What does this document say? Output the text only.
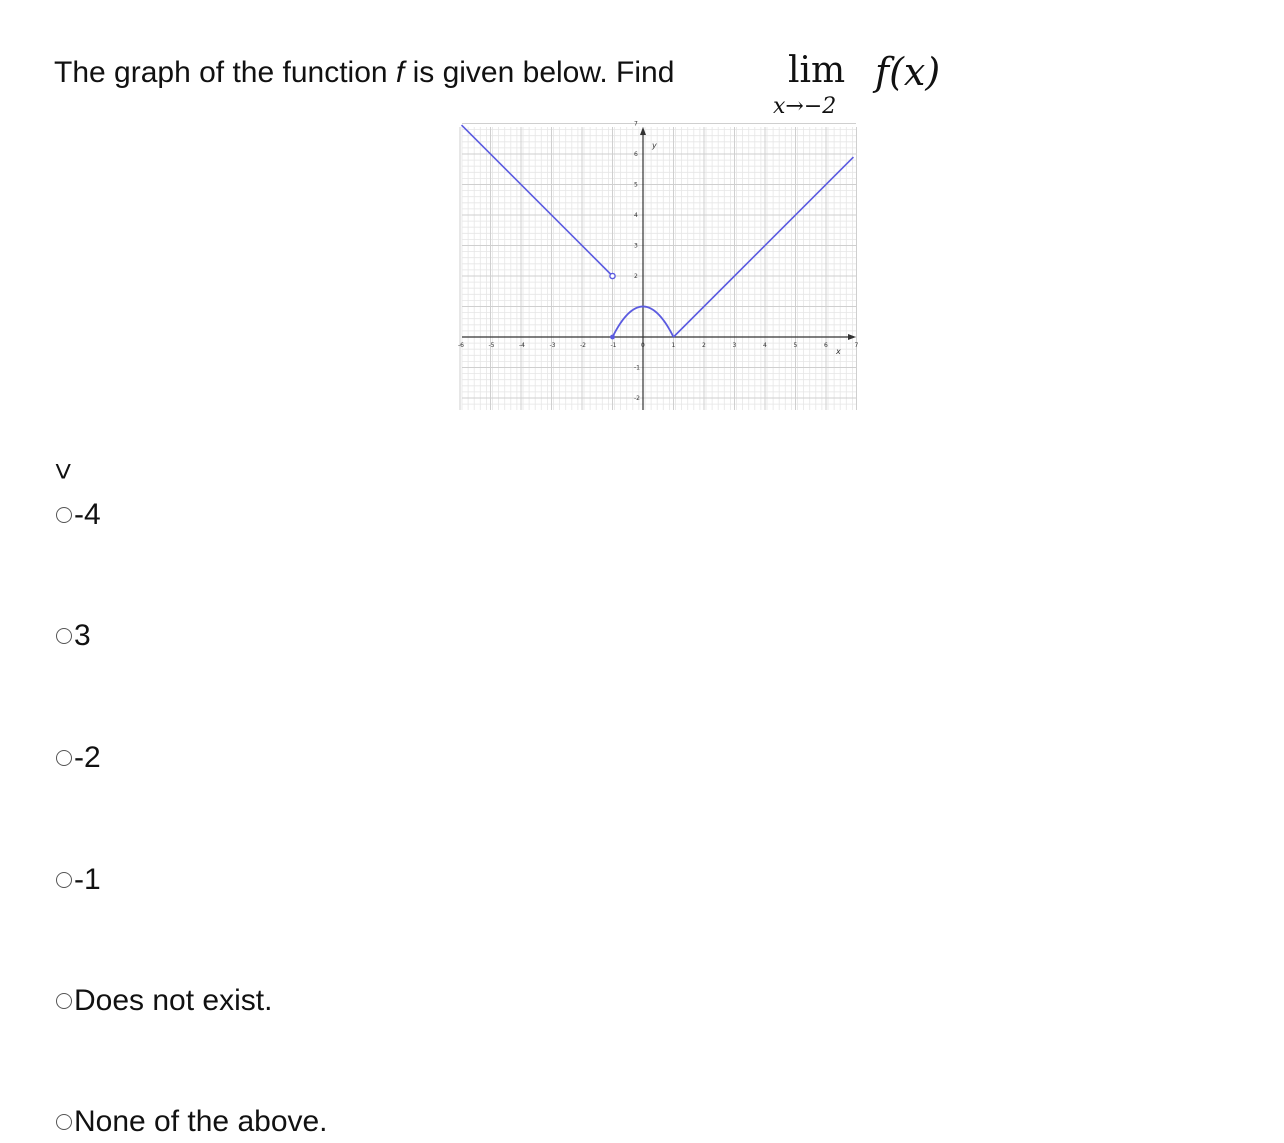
The graph of the function f is given below. Find	lim
x→−2
f(x)
-6	-5	-4	-3	-2	-1	0	1	2	3	4	5	6	7
7
6
5
4
3
2
-1
-2
x
y
<
-4
3
-2
-1
Does not exist.
None of the above.
